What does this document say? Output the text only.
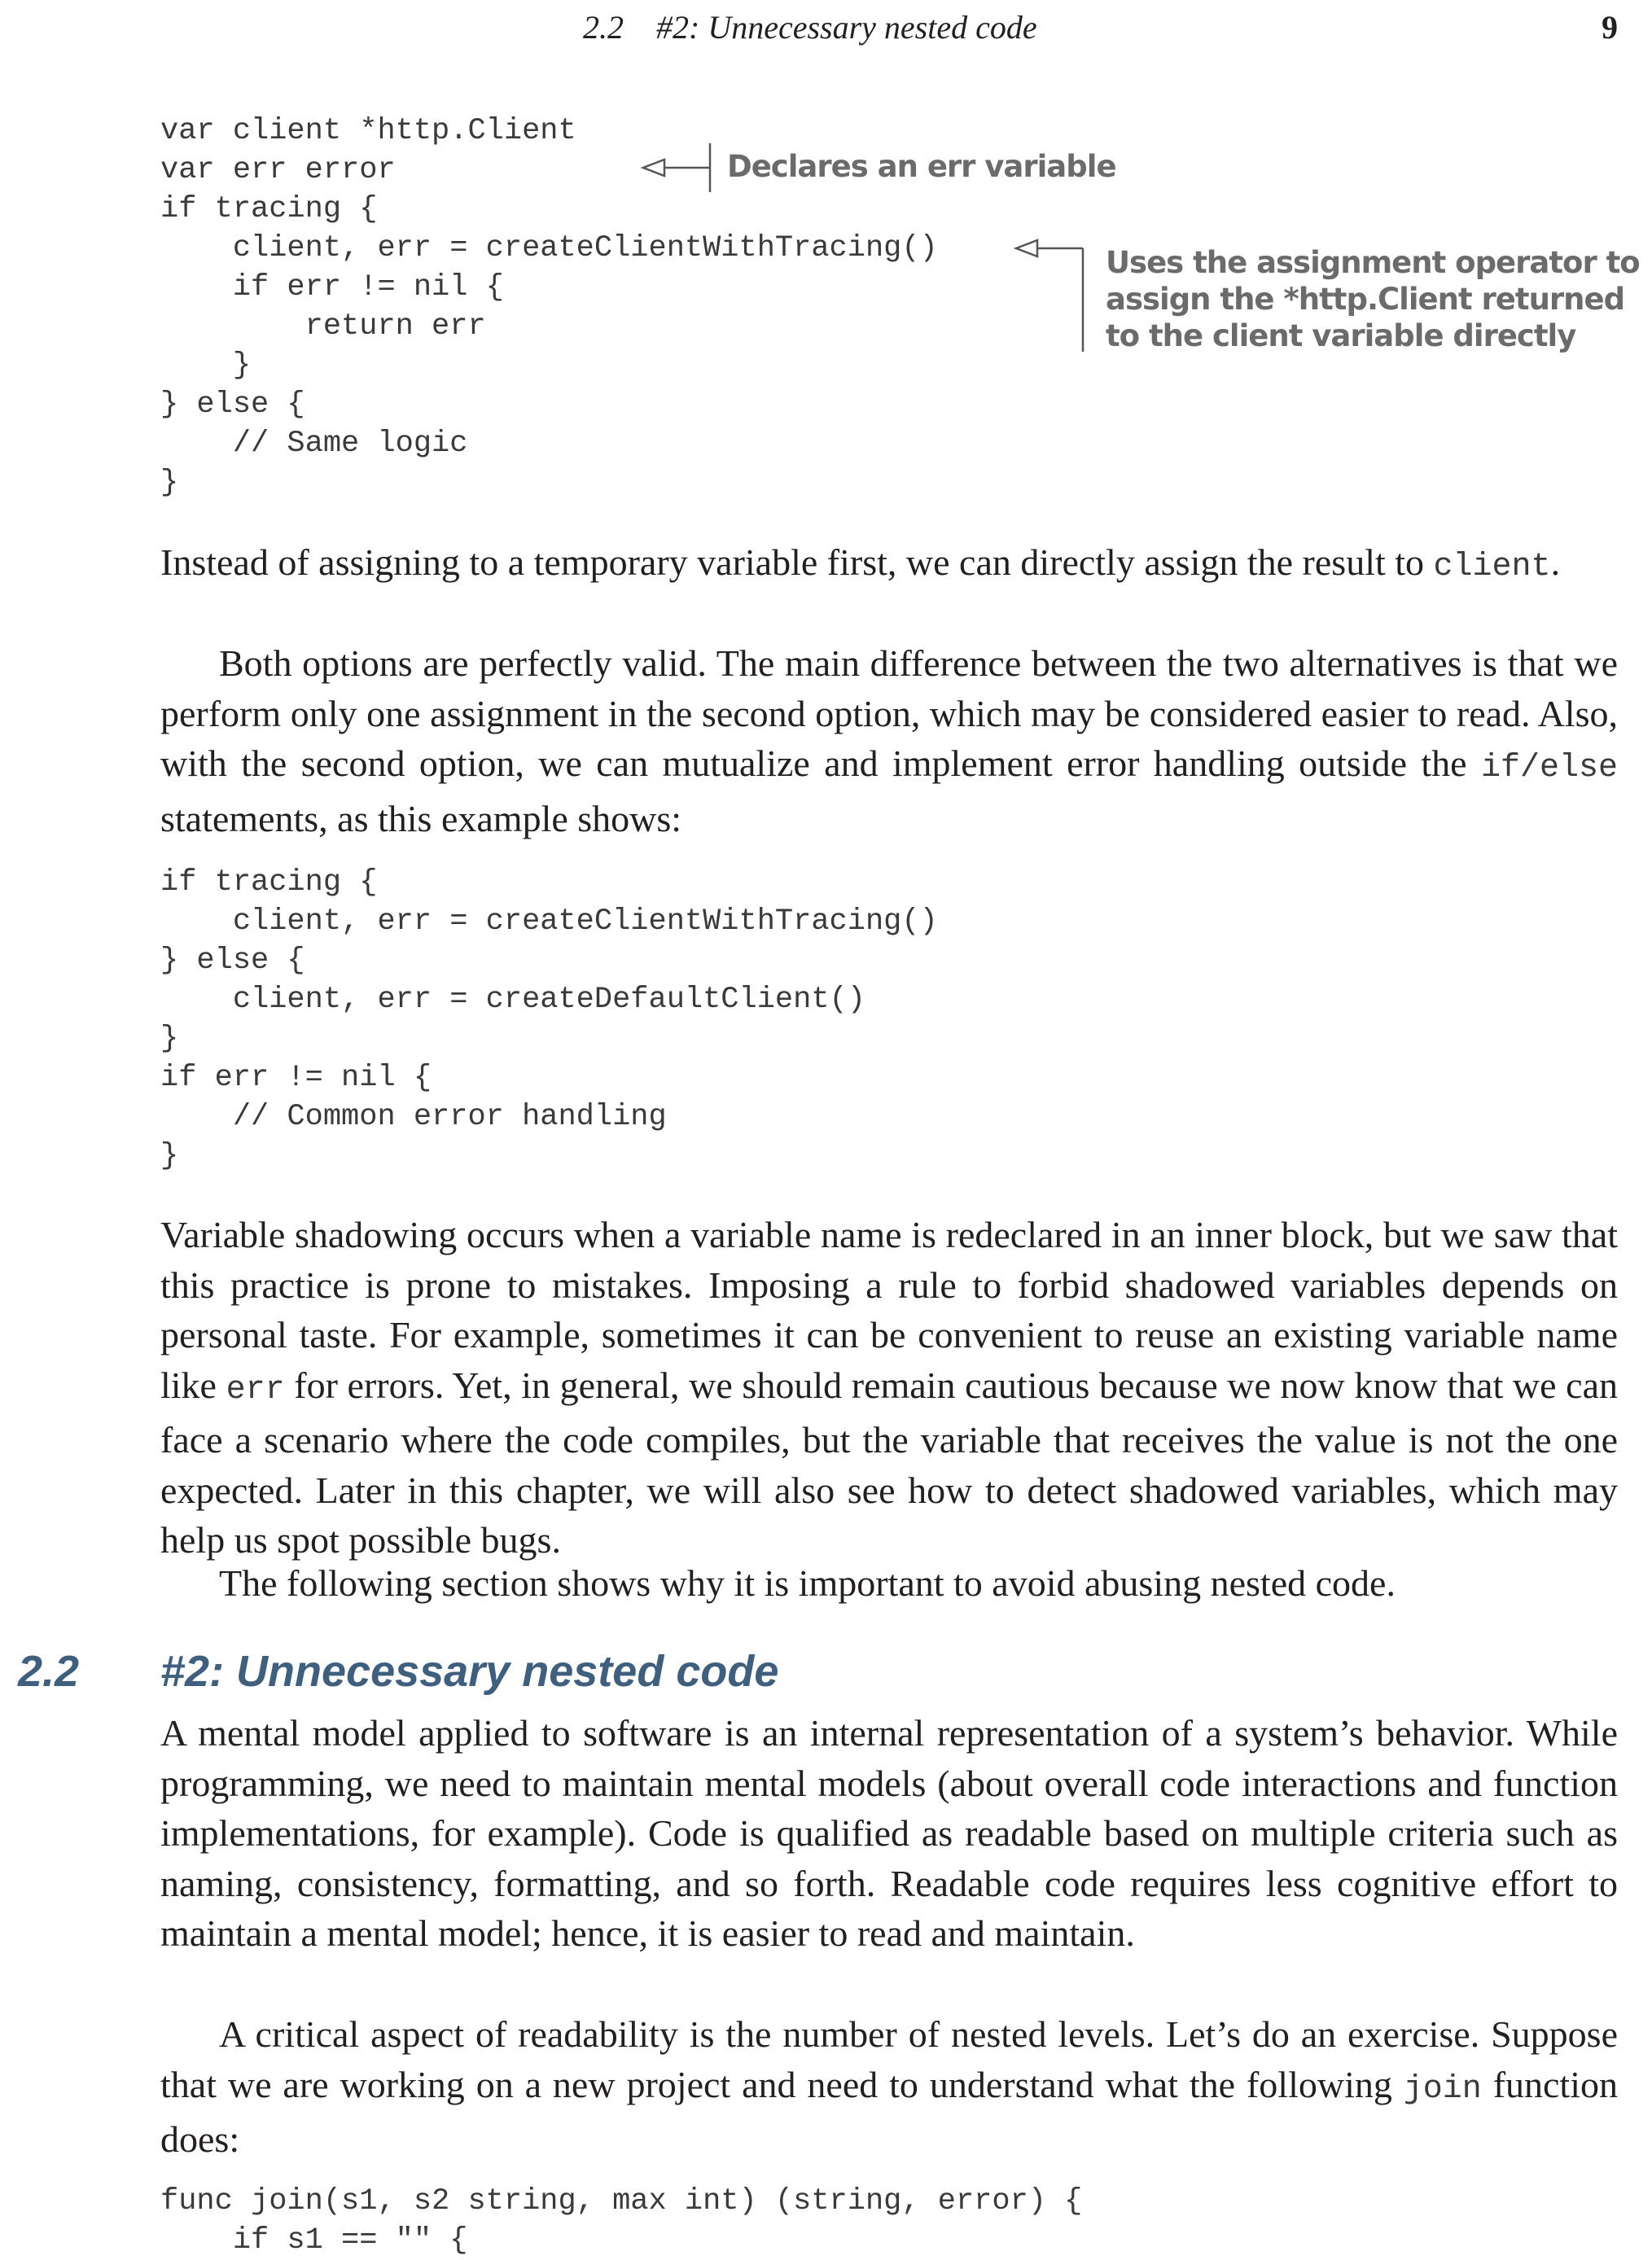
2.2    #2: Unnecessary nested code	9
var client *http.Client
var err error
if tracing {
client, err = createClientWithTracing()
if err != nil {
return err
}
} else {
// Same logic
}
Declares an err variable
Uses the assignment operator to
assign the *http.Client returned
to the client variable directly

Instead of assigning to a temporary variable first, we can directly assign the result to client.

Both options are perfectly valid. The main difference between the two alternatives is that we perform only one assignment in the second option, which may be considered easier to read. Also, with the second option, we can mutualize and implement error handling outside the if/else statements, as this example shows:

if tracing {
client, err = createClientWithTracing()
} else {
client, err = createDefaultClient()
}
if err != nil {
// Common error handling
}

Variable shadowing occurs when a variable name is redeclared in an inner block, but we saw that this practice is prone to mistakes. Imposing a rule to forbid shadowed variables depends on personal taste. For example, sometimes it can be convenient to reuse an existing variable name like err for errors. Yet, in general, we should remain cautious because we now know that we can face a scenario where the code compiles, but the variable that receives the value is not the one expected. Later in this chapter, we will also see how to detect shadowed variables, which may help us spot possible bugs.

The following section shows why it is important to avoid abusing nested code.

2.2 #2: Unnecessary nested code

A mental model applied to software is an internal representation of a system’s behavior. While programming, we need to maintain mental models (about overall code interactions and function implementations, for example). Code is qualified as readable based on multiple criteria such as naming, consistency, formatting, and so forth. Readable code requires less cognitive effort to maintain a mental model; hence, it is easier to read and maintain.

A critical aspect of readability is the number of nested levels. Let’s do an exercise. Suppose that we are working on a new project and need to understand what the following join function does:

func join(s1, s2 string, max int) (string, error) {
if s1 == "" {
